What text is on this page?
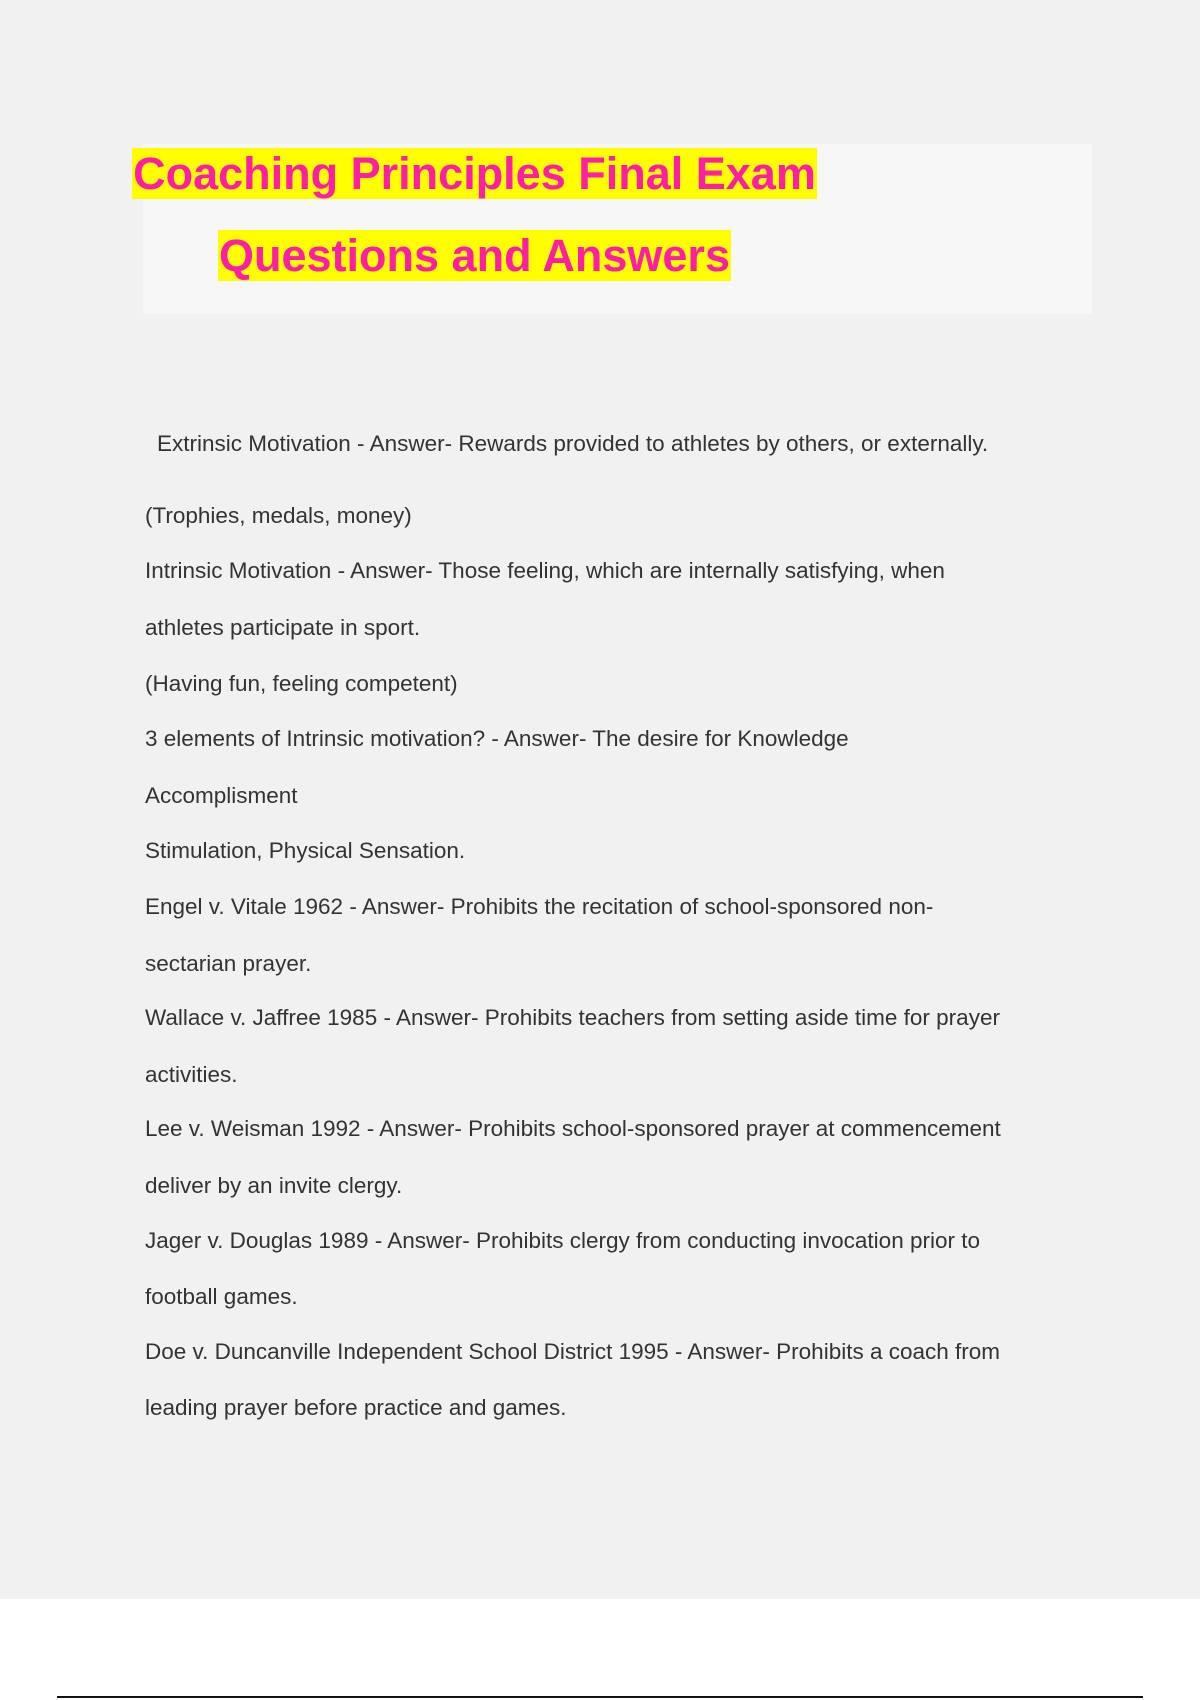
Coaching Principles Final Exam
Questions and Answers
Extrinsic Motivation - Answer- Rewards provided to athletes by others, or externally.
(Trophies, medals, money)
Intrinsic Motivation - Answer- Those feeling, which are internally satisfying, when
athletes participate in sport.
(Having fun, feeling competent)
3 elements of Intrinsic motivation? - Answer- The desire for Knowledge
Accomplisment
Stimulation, Physical Sensation.
Engel v. Vitale 1962 - Answer- Prohibits the recitation of school-sponsored non-
sectarian prayer.
Wallace v. Jaffree 1985 - Answer- Prohibits teachers from setting aside time for prayer
activities.
Lee v. Weisman 1992 - Answer- Prohibits school-sponsored prayer at commencement
deliver by an invite clergy.
Jager v. Douglas 1989 - Answer- Prohibits clergy from conducting invocation prior to
football games.
Doe v. Duncanville Independent School District 1995 - Answer- Prohibits a coach from
leading prayer before practice and games.
